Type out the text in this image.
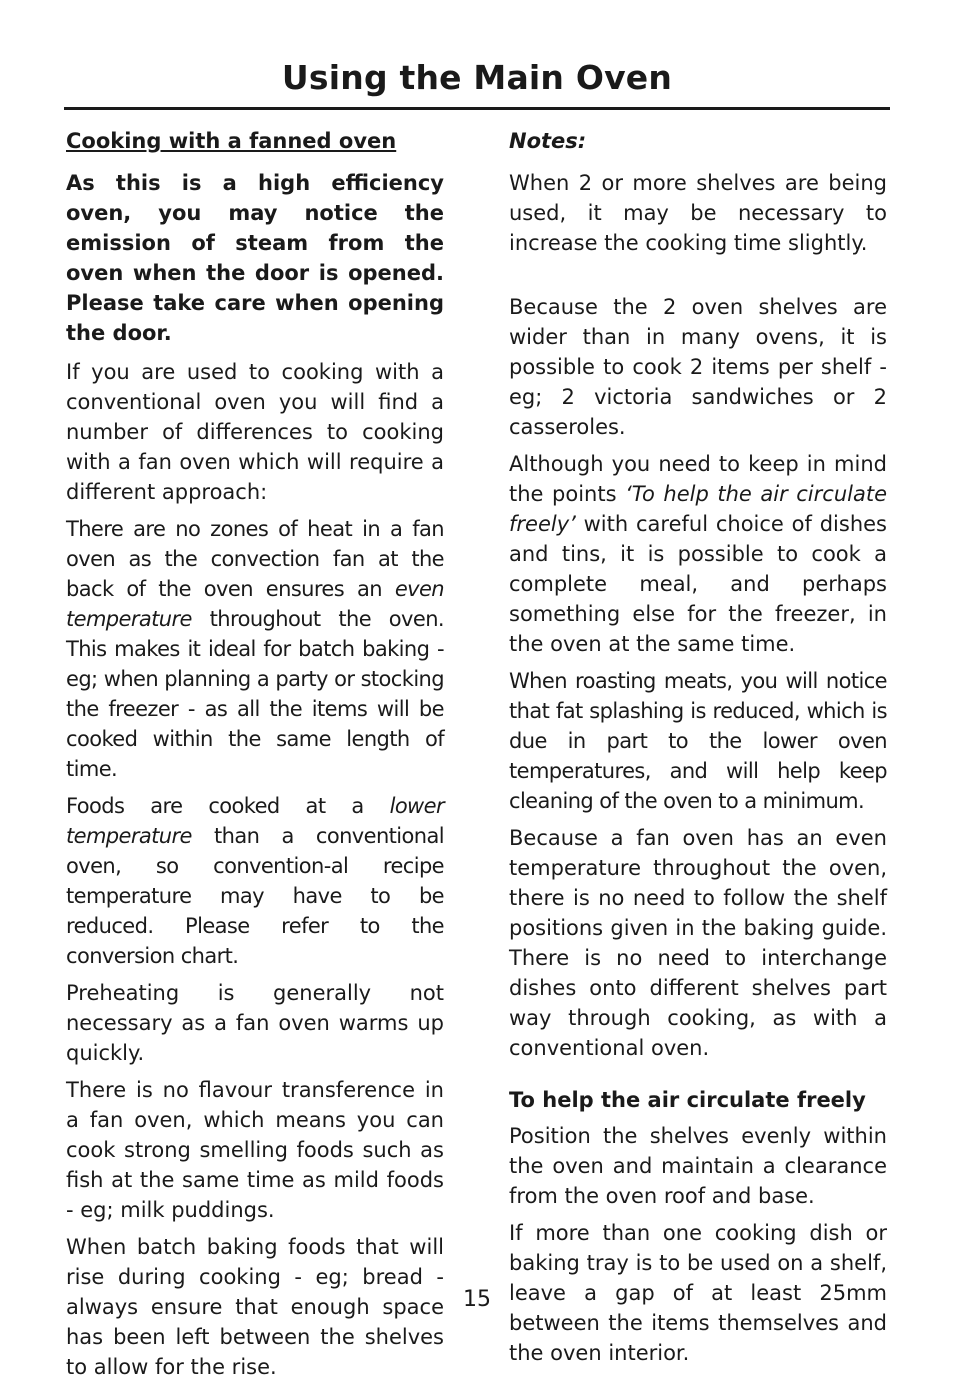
Using the Main Oven
Cooking with a fanned oven

As this is a high efficiency oven, you may notice the emission of steam from the oven when the door is opened. Please take care when opening the door.

If you are used to cooking with a conventional oven you will find a number of differences to cooking with a fan oven which will require a different approach:

There are no zones of heat in a fan oven as the convection fan at the back of the oven ensures an even temperature throughout the oven. This makes it ideal for batch baking - eg; when planning a party or stocking the freezer - as all the items will be cooked within the same length of time.

Foods are cooked at a lower temperature than a conventional oven, so convention-al recipe temperature may have to be reduced. Please refer to the conversion chart.

Preheating is generally not necessary as a fan oven warms up quickly.

There is no flavour transference in a fan oven, which means you can cook strong smelling foods such as fish at the same time as mild foods - eg; milk puddings.

When batch baking foods that will rise during cooking - eg; bread - always ensure that enough space has been left between the shelves to allow for the rise.

Notes:

When 2 or more shelves are being used, it may be necessary to increase the cooking time slightly.

Because the 2 oven shelves are wider than in many ovens, it is possible to cook 2 items per shelf - eg; 2 victoria sandwiches or 2 casseroles.

Although you need to keep in mind the points ‘To help the air circulate freely’ with careful choice of dishes and tins, it is possible to cook a complete meal, and perhaps something else for the freezer, in the oven at the same time.

When roasting meats, you will notice that fat splashing is reduced, which is due in part to the lower oven temperatures, and will help keep cleaning of the oven to a minimum.

Because a fan oven has an even temperature throughout the oven, there is no need to follow the shelf positions given in the baking guide. There is no need to interchange dishes onto different shelves part way through cooking, as with a conventional oven.

To help the air circulate freely

Position the shelves evenly within the oven and maintain a clearance from the oven roof and base.

If more than one cooking dish or baking tray is to be used on a shelf, leave a gap of at least 25mm between the items themselves and the oven interior.

15
